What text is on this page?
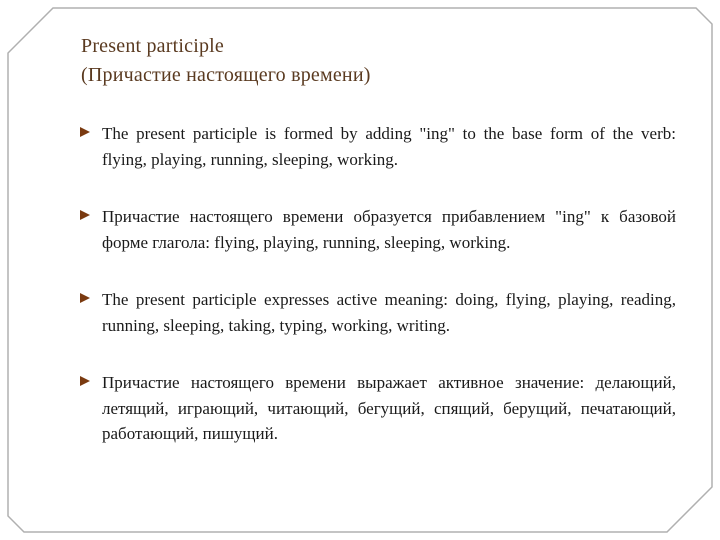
Present participle
(Причастие настоящего времени)
The present participle is formed by adding "ing" to the base form of the verb: flying, playing, running, sleeping, working.
Причастие настоящего времени образуется прибавлением "ing" к базовой форме глагола: flying, playing, running, sleeping, working.
The present participle expresses active meaning: doing, flying, playing, reading, running, sleeping, taking, typing, working, writing.
Причастие настоящего времени выражает активное значение: делающий, летящий, играющий, читающий, бегущий, спящий, берущий, печатающий, работающий, пишущий.
